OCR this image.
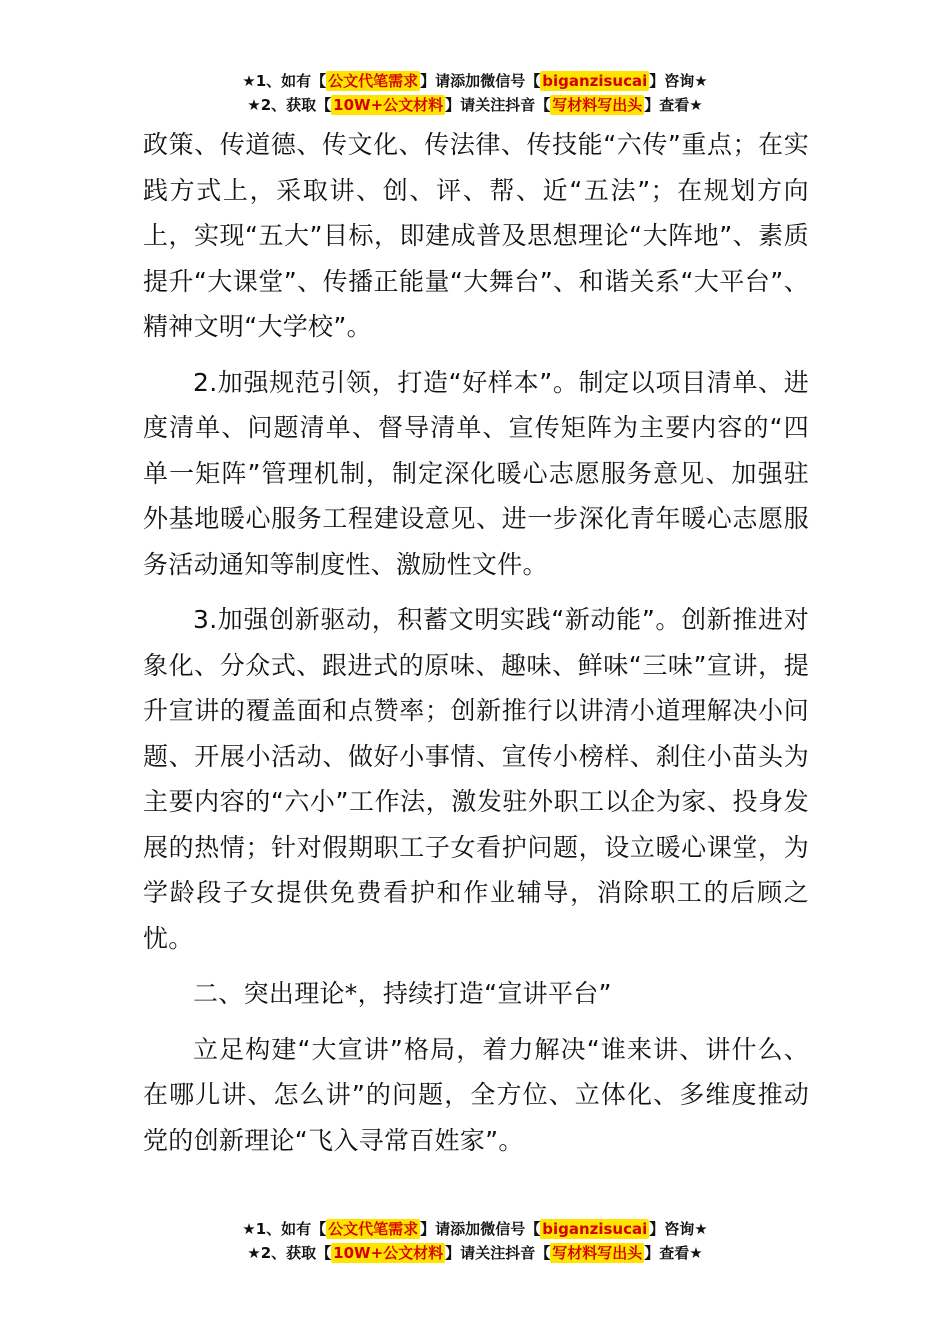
★1、如有【 公文代笔需求 】请添加微信号【 biganzisucai 】咨询★
★2、获取【 10W+公文材料 】请关注抖音【 写材料写出头 】查看★

政策、传道德、传文化、传法律、传技能“六传”重点；在实践方式上，采取讲、创、评、帮、近“五法”；在规划方向上，实现“五大”目标，即建成普及思想理论“大阵地”、素质提升“大课堂”、传播正能量“大舞台”、和谐关系“大平台”、精神文明“大学校”。

2.加强规范引领，打造“好样本”。制定以项目清单、进度清单、问题清单、督导清单、宣传矩阵为主要内容的“四单一矩阵”管理机制，制定深化暖心志愿服务意见、加强驻外基地暖心服务工程建设意见、进一步深化青年暖心志愿服务活动通知等制度性、激励性文件。

3.加强创新驱动，积蓄文明实践“新动能”。创新推进对象化、分众式、跟进式的原味、趣味、鲜味“三味”宣讲，提升宣讲的覆盖面和点赞率；创新推行以讲清小道理解决小问题、开展小活动、做好小事情、宣传小榜样、刹住小苗头为主要内容的“六小”工作法，激发驻外职工以企为家、投身发展的热情；针对假期职工子女看护问题，设立暖心课堂，为学龄段子女提供免费看护和作业辅导，消除职工的后顾之忧。

二、突出理论*，持续打造“宣讲平台”

立足构建“大宣讲”格局，着力解决“谁来讲、讲什么、在哪儿讲、怎么讲”的问题，全方位、立体化、多维度推动党的创新理论“飞入寻常百姓家”。

★1、如有【 公文代笔需求 】请添加微信号【 biganzisucai 】咨询★
★2、获取【 10W+公文材料 】请关注抖音【 写材料写出头 】查看★
